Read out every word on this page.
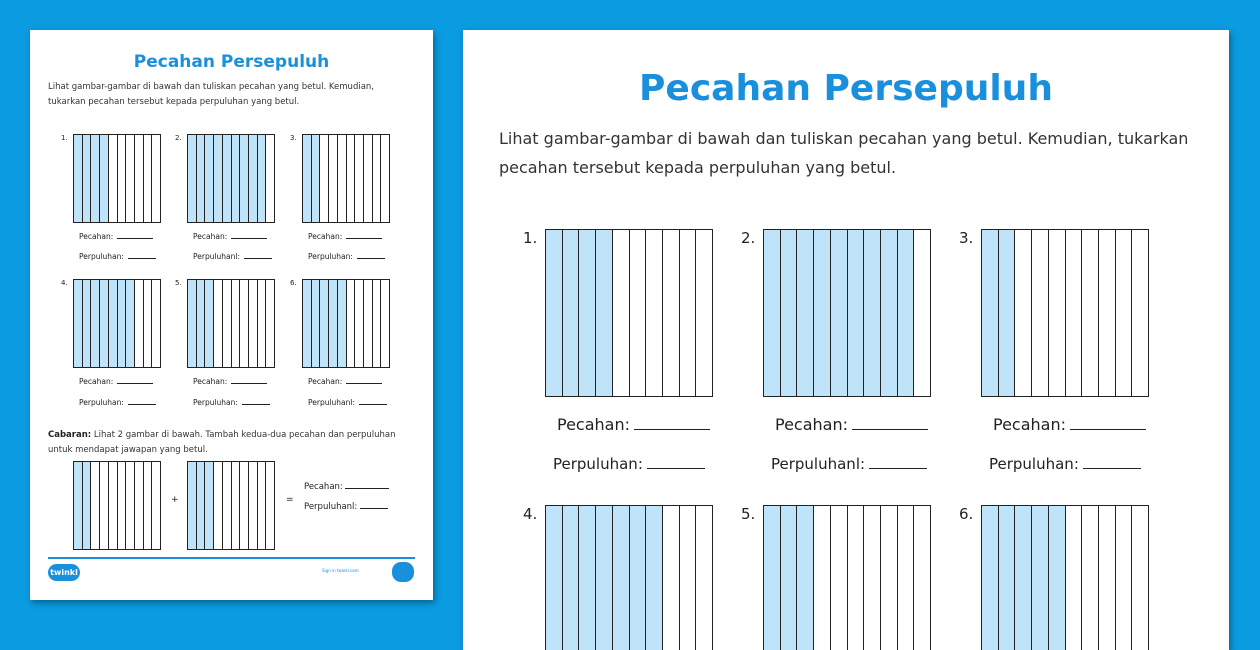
Pecahan Persepuluh
Lihat gambar-gambar di bawah dan tuliskan pecahan yang betul. Kemudian, tukarkan pecahan tersebut kepada perpuluhan yang betul.
Cabaran: Lihat 2 gambar di bawah. Tambah kedua-dua pecahan dan perpuluhan untuk mendapat jawapan yang betul.
+	=
Pecahan:
Perpuluhanl:
twinkl	Sign in twinkl.com
1.
Pecahan:
Perpuluhan:
2.
Pecahan:
Perpuluhanl:
3.
Pecahan:
Perpuluhan:
4.
Pecahan:
Perpuluhan:
5.
Pecahan:
Perpuluhan:
6.
Pecahan:
Perpuluhanl:
Pecahan Persepuluh
Lihat gambar-gambar di bawah dan tuliskan pecahan yang betul. Kemudian, tukarkan pecahan tersebut kepada perpuluhan yang betul.
1.
Pecahan:
Perpuluhan:
2.
Pecahan:
Perpuluhanl:
3.
Pecahan:
Perpuluhan:
4.	5.	6.
